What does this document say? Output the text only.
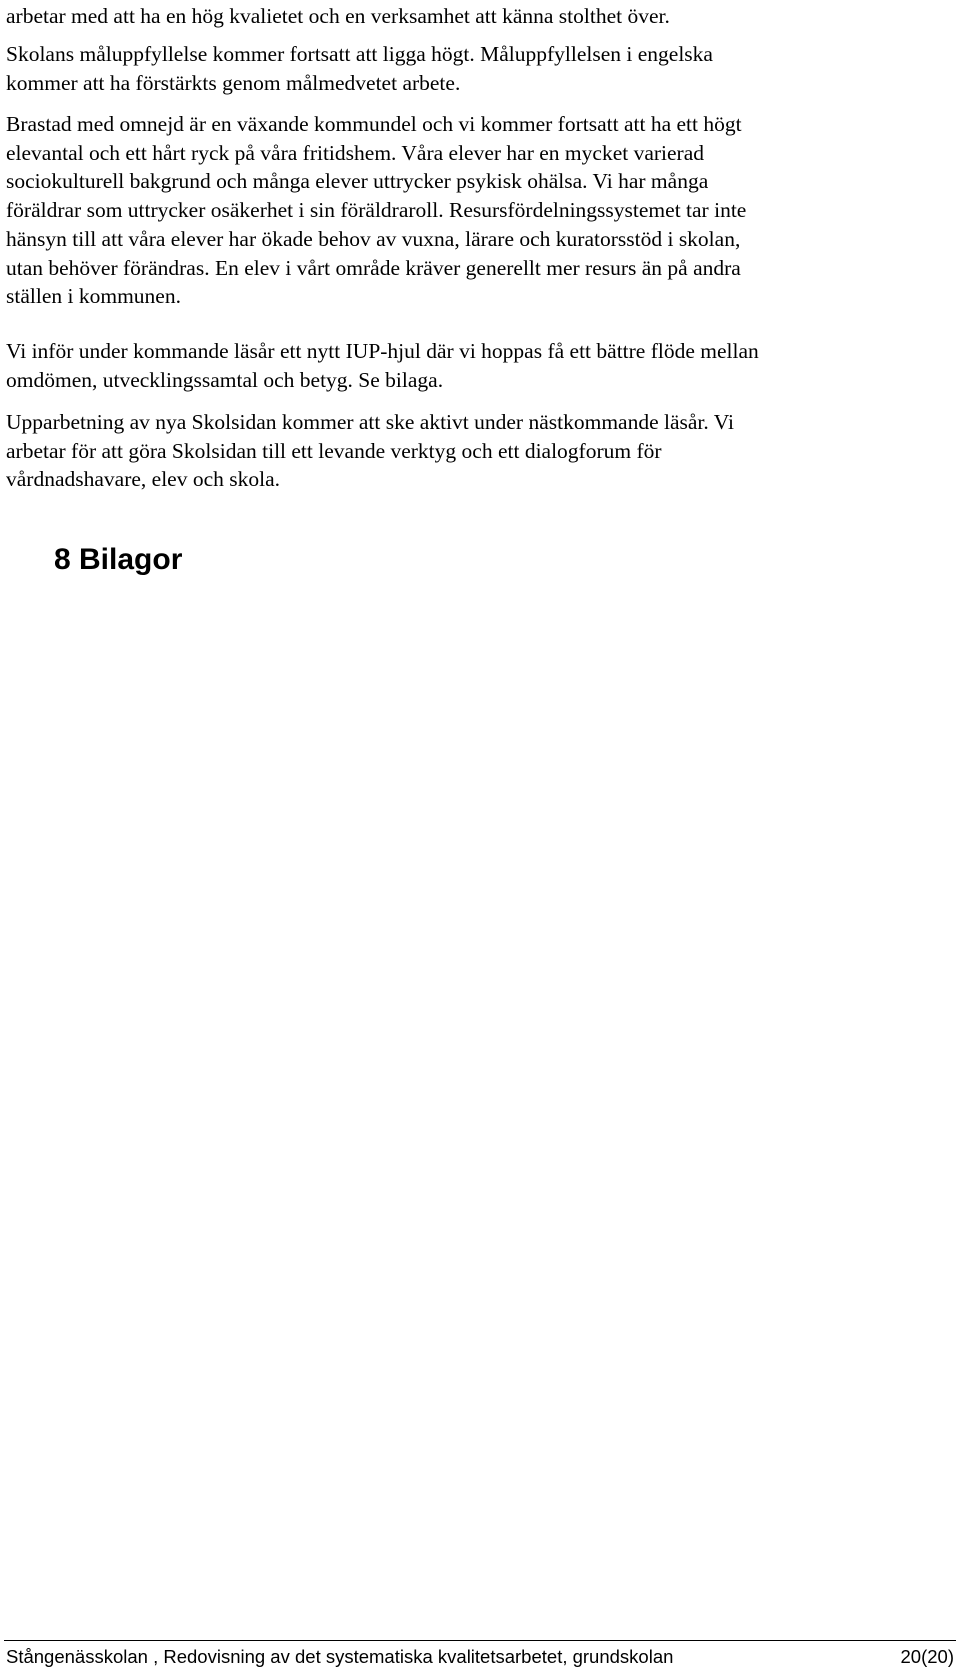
arbetar med att ha en hög kvalietet och en verksamhet att känna stolthet över.

Skolans måluppfyllelse kommer fortsatt att ligga högt. Måluppfyllelsen i engelska
kommer att ha förstärkts genom målmedvetet arbete.

Brastad med omnejd är en växande kommundel och vi kommer fortsatt att ha ett högt
elevantal och ett hårt ryck på våra fritidshem. Våra elever har en mycket varierad
sociokulturell bakgrund och många elever uttrycker psykisk ohälsa. Vi har många
föräldrar som uttrycker osäkerhet i sin föräldraroll. Resursfördelningssystemet tar inte
hänsyn till att våra elever har ökade behov av vuxna, lärare och kuratorsstöd i skolan,
utan behöver förändras. En elev i vårt område kräver generellt mer resurs än på andra
ställen i kommunen.

Vi inför under kommande läsår ett nytt IUP-hjul där vi hoppas få ett bättre flöde mellan
omdömen, utvecklingssamtal och betyg. Se bilaga.

Upparbetning av nya Skolsidan kommer att ske aktivt under nästkommande läsår. Vi
arbetar för att göra Skolsidan till ett levande verktyg och ett dialogforum för
vårdnadshavare, elev och skola.

8 Bilagor
Stångenässkolan , Redovisning av det systematiska kvalitetsarbetet, grundskolan	20(20)
